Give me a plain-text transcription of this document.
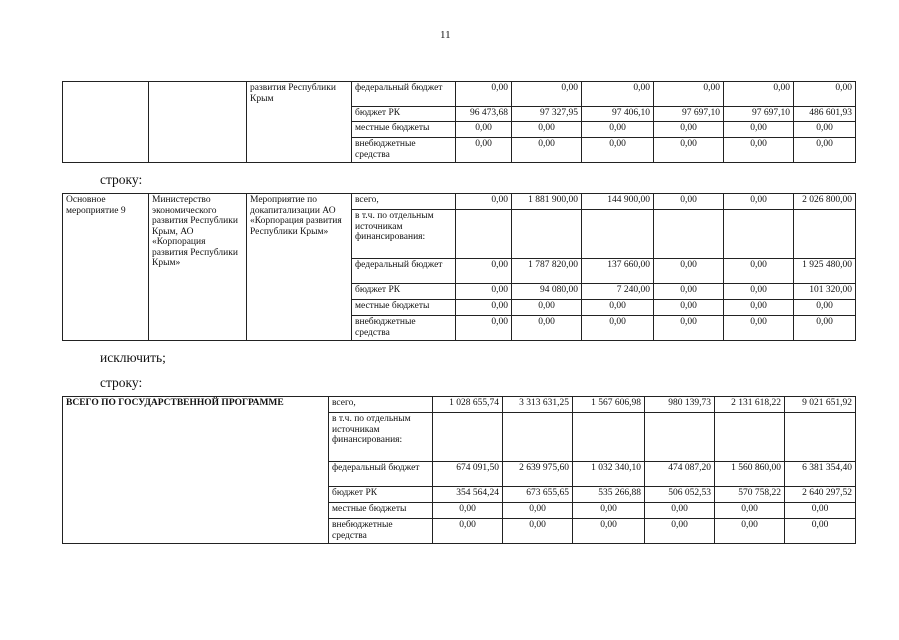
11
		развития Республики Крым	федеральный бюджет	0,00	0,00	0,00	0,00	0,00	0,00
			бюджет РК	96 473,68	97 327,95	97 406,10	97 697,10	97 697,10	486 601,93
			местные бюджеты	0,00	0,00	0,00	0,00	0,00	0,00
			внебюджетные средства	0,00	0,00	0,00	0,00	0,00	0,00
строку:
Основное мероприятие 9	Министерство экономического развития Республики Крым, АО «Корпорация развития Республики Крым»	Мероприятие по докапитализации АО «Корпорация развития Республики Крым»	всего,	0,00	1 881 900,00	144 900,00	0,00	0,00	2 026 800,00
			в т.ч. по отдельным источникам финансирования:						
			федеральный бюджет	0,00	1 787 820,00	137 660,00	0,00	0,00	1 925 480,00
			бюджет РК	0,00	94 080,00	7 240,00	0,00	0,00	101 320,00
			местные бюджеты	0,00	0,00	0,00	0,00	0,00	0,00
			внебюджетные средства	0,00	0,00	0,00	0,00	0,00	0,00
исключить;
строку:
ВСЕГО ПО ГОСУДАРСТВЕННОЙ ПРОГРАММЕ	всего,	1 028 655,74	3 313 631,25	1 567 606,98	980 139,73	2 131 618,22	9 021 651,92
	в т.ч. по отдельным источникам финансирования:						
	федеральный бюджет	674 091,50	2 639 975,60	1 032 340,10	474 087,20	1 560 860,00	6 381 354,40
	бюджет РК	354 564,24	673 655,65	535 266,88	506 052,53	570 758,22	2 640 297,52
	местные бюджеты	0,00	0,00	0,00	0,00	0,00	0,00
	внебюджетные средства	0,00	0,00	0,00	0,00	0,00	0,00
